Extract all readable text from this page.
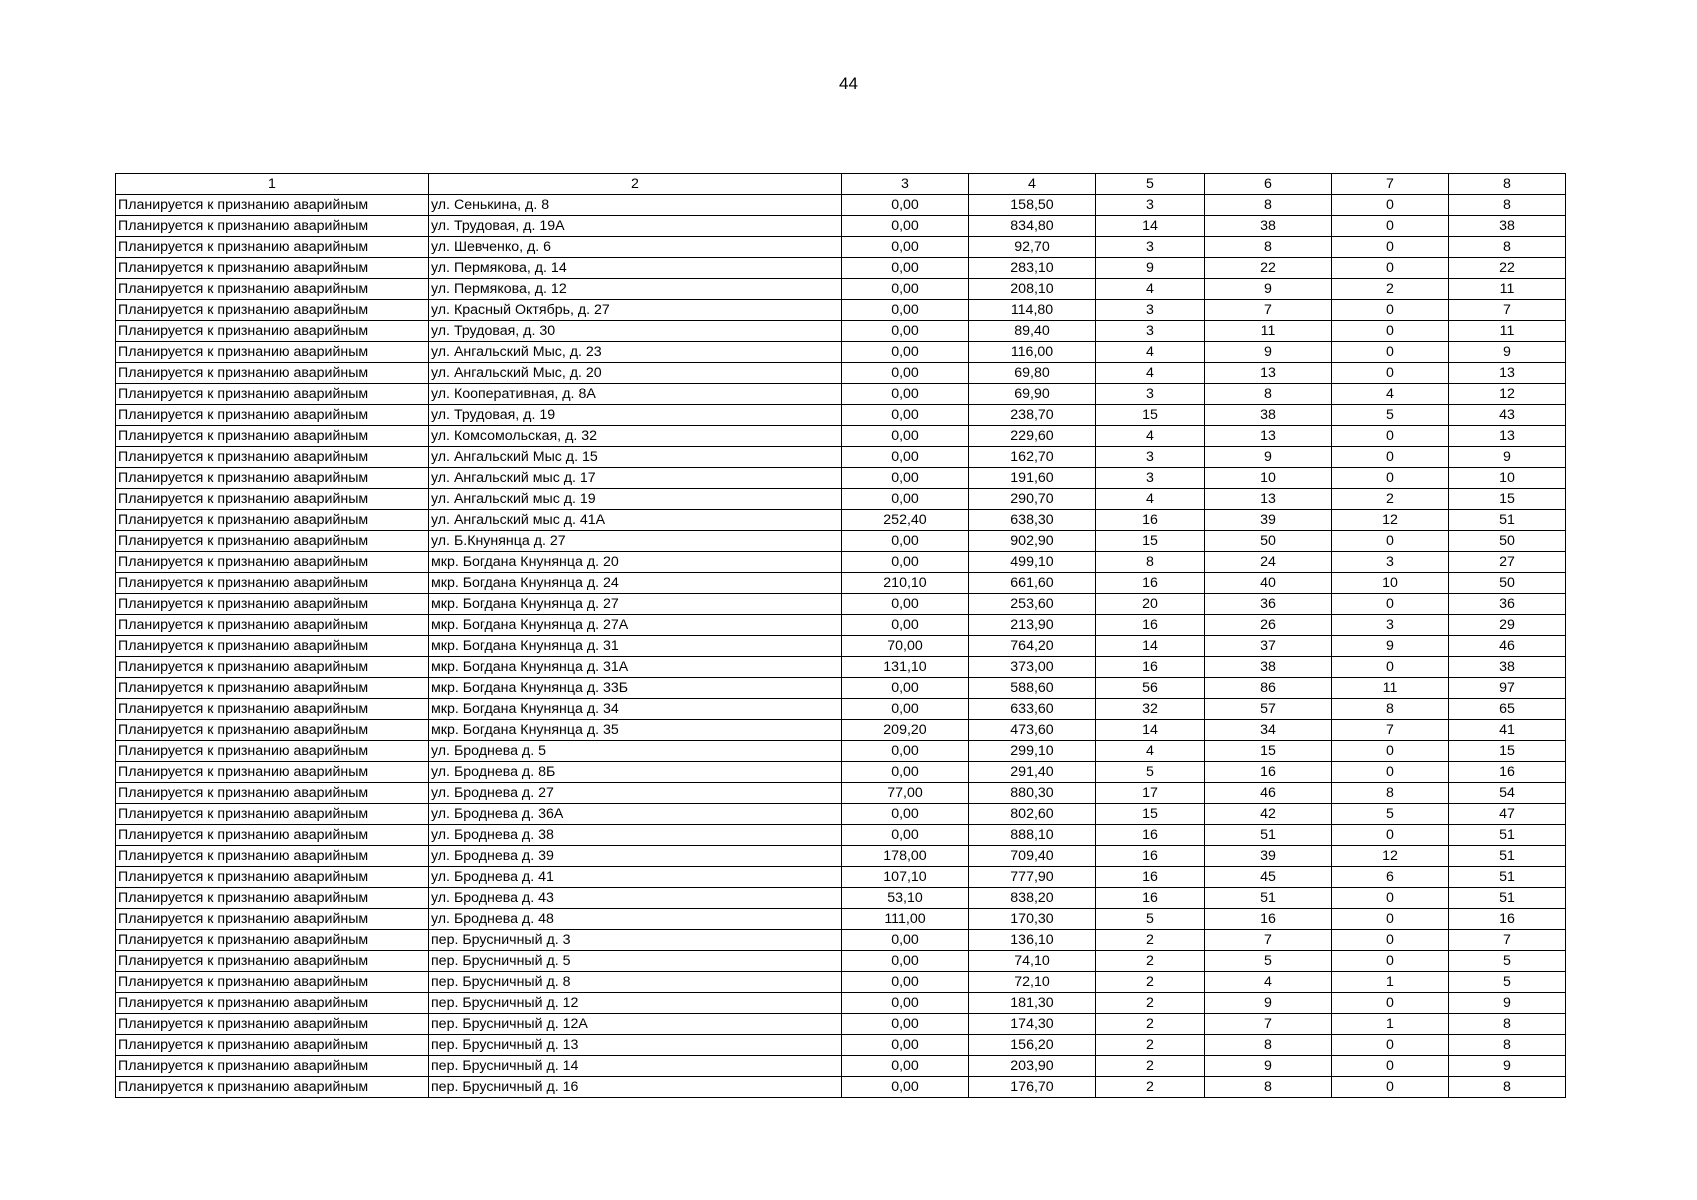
44
1	2	3	4	5	6	7	8
Планируется к признанию аварийным	ул. Сенькина, д. 8	0,00	158,50	3	8	0	8
Планируется к признанию аварийным	ул. Трудовая, д. 19А	0,00	834,80	14	38	0	38
Планируется к признанию аварийным	ул. Шевченко, д. 6	0,00	92,70	3	8	0	8
Планируется к признанию аварийным	ул. Пермякова, д. 14	0,00	283,10	9	22	0	22
Планируется к признанию аварийным	ул. Пермякова, д. 12	0,00	208,10	4	9	2	11
Планируется к признанию аварийным	ул. Красный Октябрь, д. 27	0,00	114,80	3	7	0	7
Планируется к признанию аварийным	ул. Трудовая, д. 30	0,00	89,40	3	11	0	11
Планируется к признанию аварийным	ул. Ангальский Мыс, д. 23	0,00	116,00	4	9	0	9
Планируется к признанию аварийным	ул. Ангальский Мыс, д. 20	0,00	69,80	4	13	0	13
Планируется к признанию аварийным	ул. Кооперативная, д. 8А	0,00	69,90	3	8	4	12
Планируется к признанию аварийным	ул. Трудовая, д. 19	0,00	238,70	15	38	5	43
Планируется к признанию аварийным	ул. Комсомольская, д. 32	0,00	229,60	4	13	0	13
Планируется к признанию аварийным	ул. Ангальский Мыс д. 15	0,00	162,70	3	9	0	9
Планируется к признанию аварийным	ул. Ангальский мыс д. 17	0,00	191,60	3	10	0	10
Планируется к признанию аварийным	ул. Ангальский мыс д. 19	0,00	290,70	4	13	2	15
Планируется к признанию аварийным	ул. Ангальский мыс д. 41А	252,40	638,30	16	39	12	51
Планируется к признанию аварийным	ул. Б.Кнунянца д. 27	0,00	902,90	15	50	0	50
Планируется к признанию аварийным	мкр. Богдана Кнунянца д. 20	0,00	499,10	8	24	3	27
Планируется к признанию аварийным	мкр. Богдана Кнунянца д. 24	210,10	661,60	16	40	10	50
Планируется к признанию аварийным	мкр. Богдана Кнунянца д. 27	0,00	253,60	20	36	0	36
Планируется к признанию аварийным	мкр. Богдана Кнунянца д. 27А	0,00	213,90	16	26	3	29
Планируется к признанию аварийным	мкр. Богдана Кнунянца д. 31	70,00	764,20	14	37	9	46
Планируется к признанию аварийным	мкр. Богдана Кнунянца д. 31А	131,10	373,00	16	38	0	38
Планируется к признанию аварийным	мкр. Богдана Кнунянца д. 33Б	0,00	588,60	56	86	11	97
Планируется к признанию аварийным	мкр. Богдана Кнунянца д. 34	0,00	633,60	32	57	8	65
Планируется к признанию аварийным	мкр. Богдана Кнунянца д. 35	209,20	473,60	14	34	7	41
Планируется к признанию аварийным	ул. Броднева д. 5	0,00	299,10	4	15	0	15
Планируется к признанию аварийным	ул. Броднева д. 8Б	0,00	291,40	5	16	0	16
Планируется к признанию аварийным	ул. Броднева д. 27	77,00	880,30	17	46	8	54
Планируется к признанию аварийным	ул. Броднева д. 36А	0,00	802,60	15	42	5	47
Планируется к признанию аварийным	ул. Броднева д. 38	0,00	888,10	16	51	0	51
Планируется к признанию аварийным	ул. Броднева д. 39	178,00	709,40	16	39	12	51
Планируется к признанию аварийным	ул. Броднева д. 41	107,10	777,90	16	45	6	51
Планируется к признанию аварийным	ул. Броднева д. 43	53,10	838,20	16	51	0	51
Планируется к признанию аварийным	ул. Броднева д. 48	111,00	170,30	5	16	0	16
Планируется к признанию аварийным	пер. Брусничный д. 3	0,00	136,10	2	7	0	7
Планируется к признанию аварийным	пер. Брусничный д. 5	0,00	74,10	2	5	0	5
Планируется к признанию аварийным	пер. Брусничный д. 8	0,00	72,10	2	4	1	5
Планируется к признанию аварийным	пер. Брусничный д. 12	0,00	181,30	2	9	0	9
Планируется к признанию аварийным	пер. Брусничный д. 12А	0,00	174,30	2	7	1	8
Планируется к признанию аварийным	пер. Брусничный д. 13	0,00	156,20	2	8	0	8
Планируется к признанию аварийным	пер. Брусничный д. 14	0,00	203,90	2	9	0	9
Планируется к признанию аварийным	пер. Брусничный д. 16	0,00	176,70	2	8	0	8
